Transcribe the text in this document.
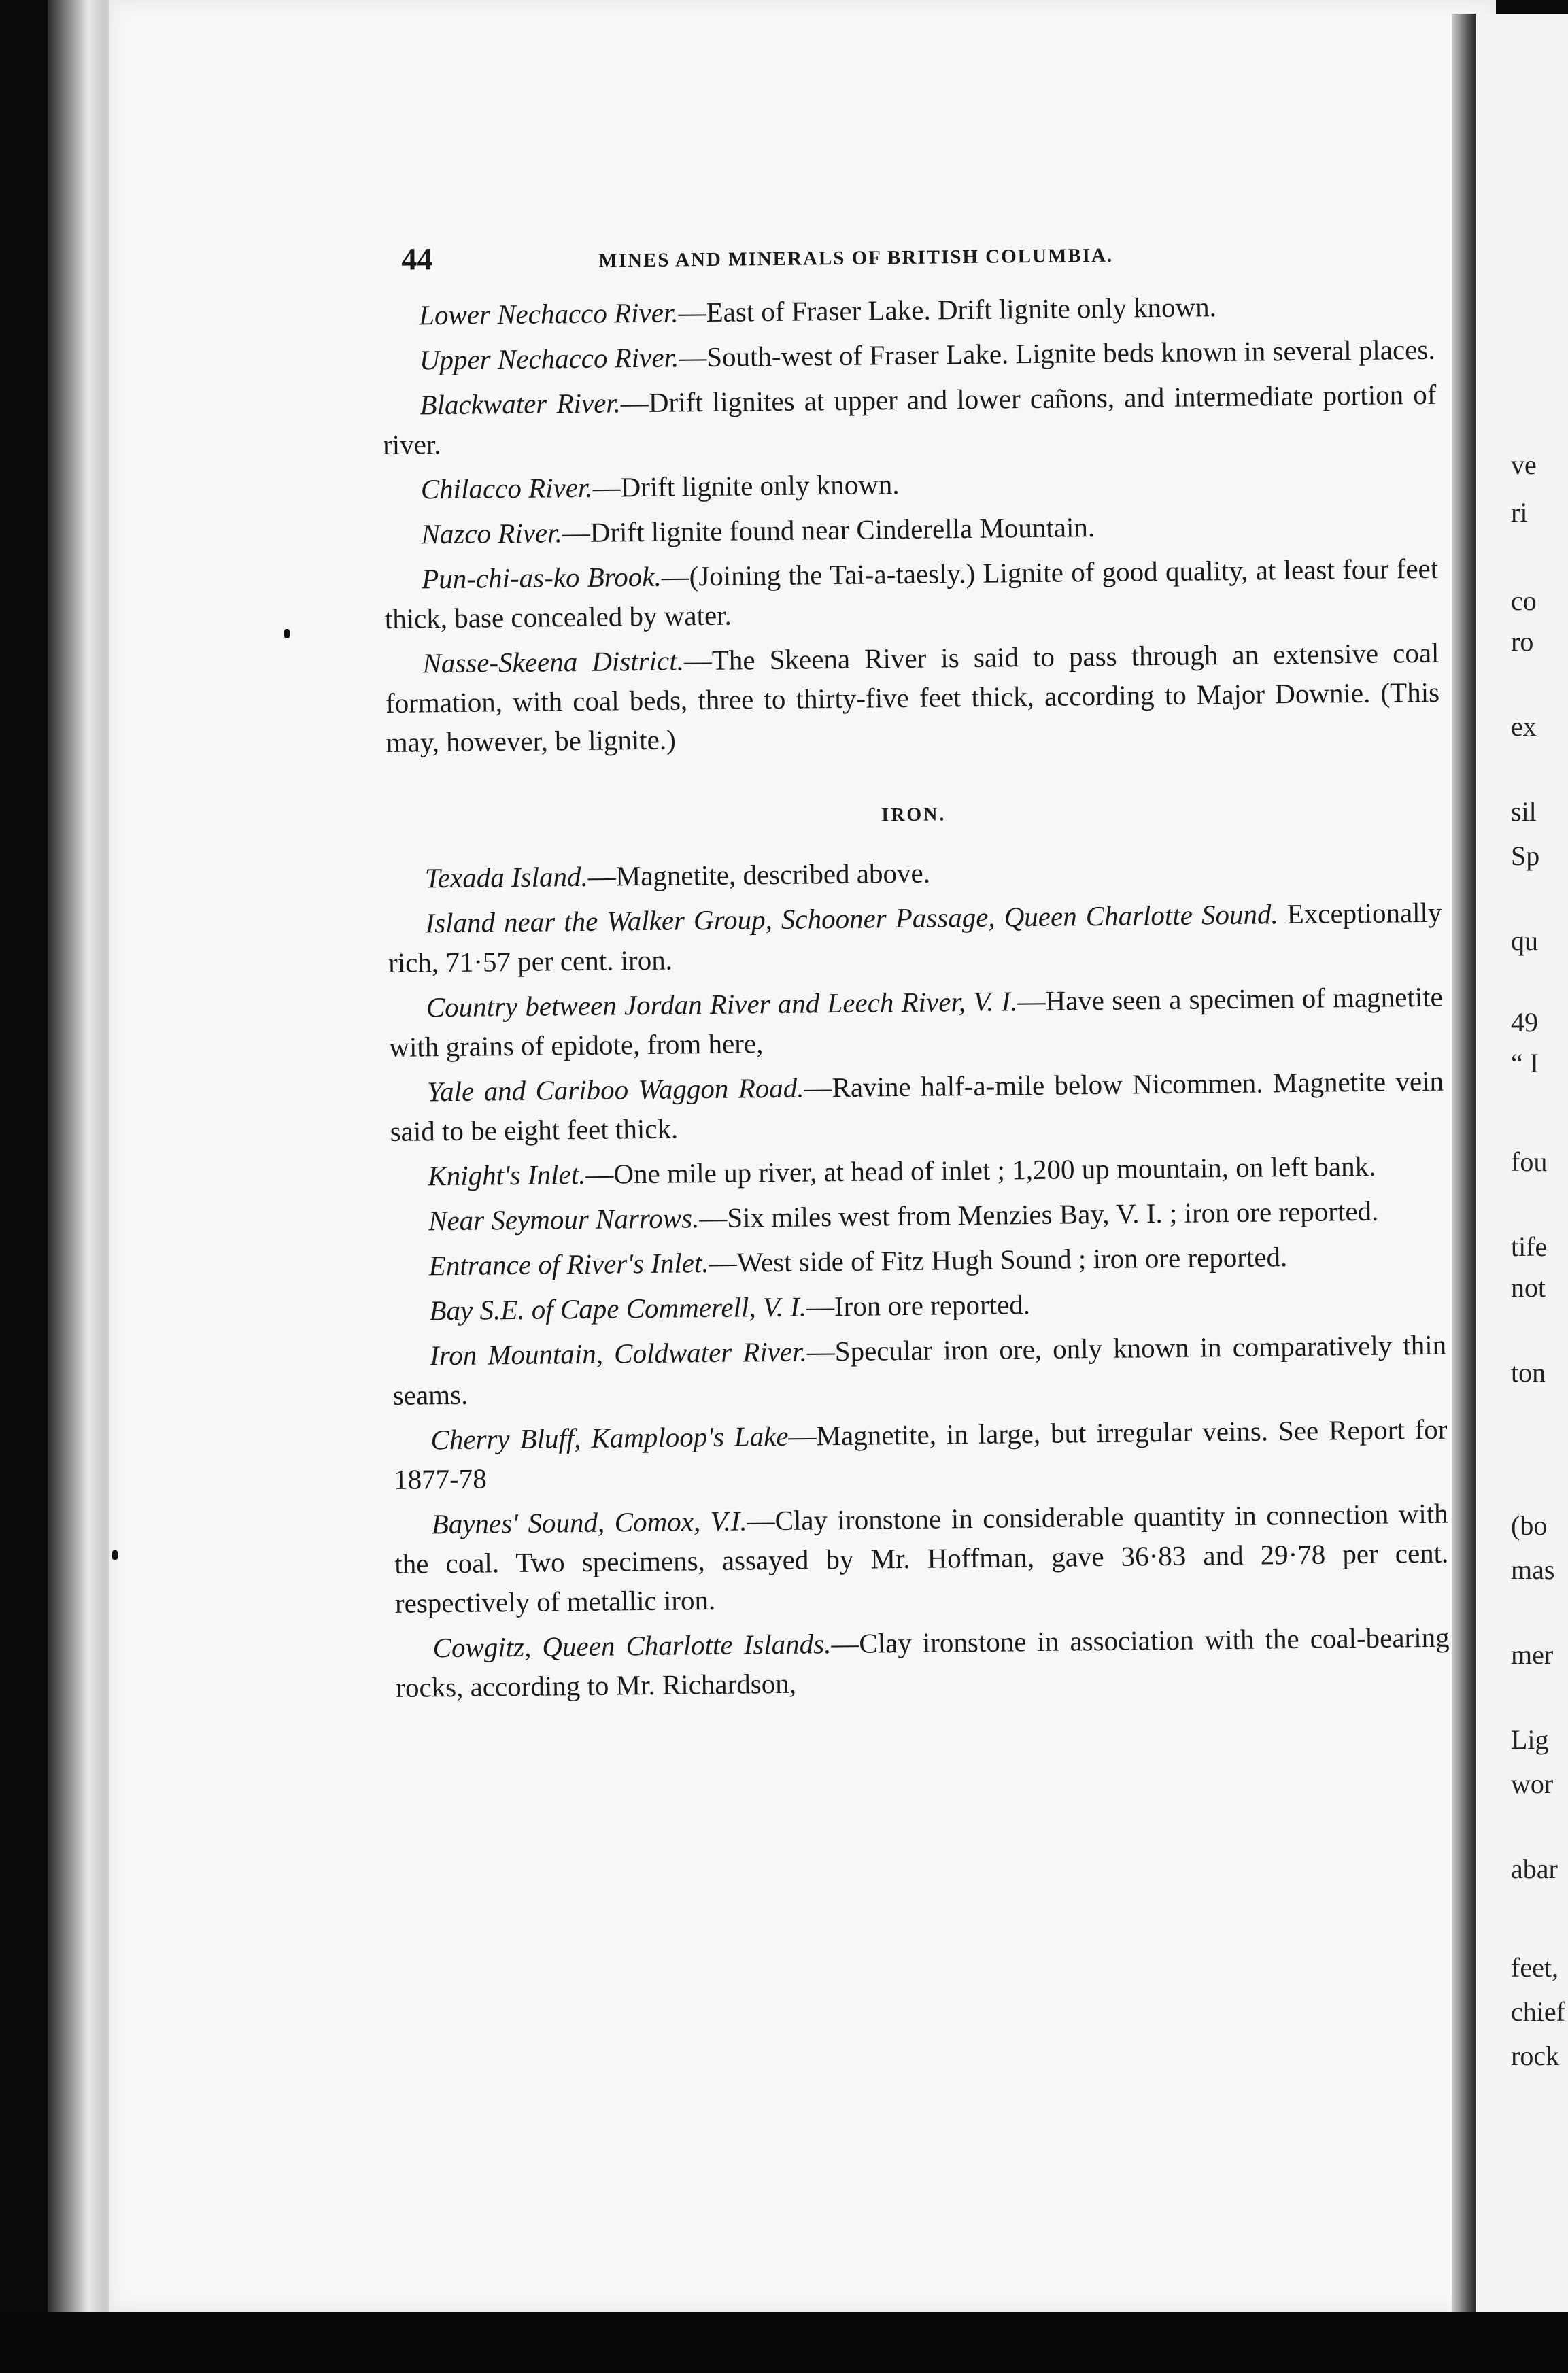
ve
ri
co
ro
ex
sil
Sp
qu
49
“ I
fou
tife
not
ton
(bo
mas
mer
Lig
wor
abar
feet,
chief
rock
44	MINES AND MINERALS OF BRITISH COLUMBIA.

Lower Nechacco River.—East of Fraser Lake. Drift lignite only known.

Upper Nechacco River.—South-west of Fraser Lake. Lignite beds known in several places.

Blackwater River.—Drift lignites at upper and lower cañons, and intermediate portion of river.

Chilacco River.—Drift lignite only known.

Nazco River.—Drift lignite found near Cinderella Mountain.

Pun-chi-as-ko Brook.—(Joining the Tai-a-taesly.) Lignite of good quality, at least four feet thick, base concealed by water.

Nasse-Skeena District.—The Skeena River is said to pass through an extensive coal formation, with coal beds, three to thirty-five feet thick, according to Major Downie. (This may, however, be lignite.)

IRON.

Texada Island.—Magnetite, described above.

Island near the Walker Group, Schooner Passage, Queen Charlotte Sound. Exceptionally rich, 71·57 per cent. iron.

Country between Jordan River and Leech River, V. I.—Have seen a specimen of magnetite with grains of epidote, from here,

Yale and Cariboo Waggon Road.—Ravine half-a-mile below Nicommen. Magnetite vein said to be eight feet thick.

Knight's Inlet.—One mile up river, at head of inlet ; 1,200 up mountain, on left bank.

Near Seymour Narrows.—Six miles west from Menzies Bay, V. I. ; iron ore reported.

Entrance of River's Inlet.—West side of Fitz Hugh Sound ; iron ore reported.

Bay S.E. of Cape Commerell, V. I.—Iron ore reported.

Iron Mountain, Coldwater River.—Specular iron ore, only known in comparatively thin seams.

Cherry Bluff, Kamploop's Lake—Magnetite, in large, but irregular veins. See Report for 1877-78

Baynes' Sound, Comox, V.I.—Clay ironstone in considerable quantity in connection with the coal. Two specimens, assayed by Mr. Hoffman, gave 36·83 and 29·78 per cent. respectively of metallic iron.

Cowgitz, Queen Charlotte Islands.—Clay ironstone in association with the coal-bearing rocks, according to Mr. Richardson,
